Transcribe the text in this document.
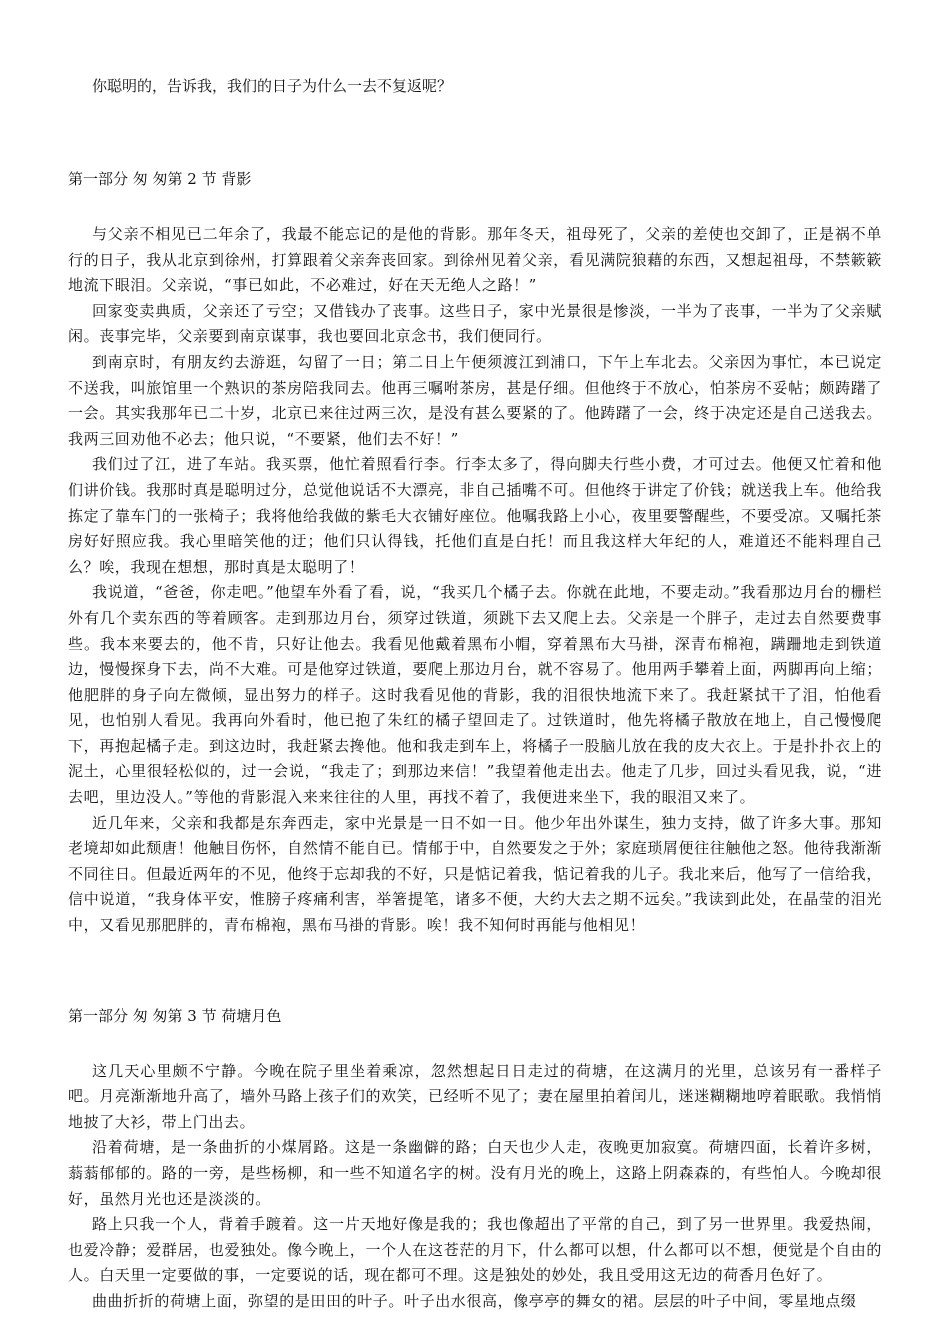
你聪明的，告诉我，我们的日子为什么一去不复返呢？

第一部分 匆 匆第 2 节 背影

与父亲不相见已二年余了，我最不能忘记的是他的背影。那年冬天，祖母死了，父亲的差使也交卸了，正是祸不单行的日子，我从北京到徐州，打算跟着父亲奔丧回家。到徐州见着父亲，看见满院狼藉的东西，又想起祖母，不禁簌簌地流下眼泪。父亲说，“事已如此，不必难过，好在天无绝人之路！”

回家变卖典质，父亲还了亏空；又借钱办了丧事。这些日子，家中光景很是惨淡，一半为了丧事，一半为了父亲赋闲。丧事完毕，父亲要到南京谋事，我也要回北京念书，我们便同行。

到南京时，有朋友约去游逛，勾留了一日；第二日上午便须渡江到浦口，下午上车北去。父亲因为事忙，本已说定不送我，叫旅馆里一个熟识的茶房陪我同去。他再三嘱咐茶房，甚是仔细。但他终于不放心，怕茶房不妥帖；颇踌躇了一会。其实我那年已二十岁，北京已来往过两三次，是没有甚么要紧的了。他踌躇了一会，终于决定还是自己送我去。我两三回劝他不必去；他只说，“不要紧，他们去不好！”

我们过了江，进了车站。我买票，他忙着照看行李。行李太多了，得向脚夫行些小费，才可过去。他便又忙着和他们讲价钱。我那时真是聪明过分，总觉他说话不大漂亮，非自己插嘴不可。但他终于讲定了价钱；就送我上车。他给我拣定了靠车门的一张椅子；我将他给我做的紫毛大衣铺好座位。他嘱我路上小心，夜里要警醒些，不要受凉。又嘱托茶房好好照应我。我心里暗笑他的迂；他们只认得钱，托他们直是白托！而且我这样大年纪的人，难道还不能料理自己么？唉，我现在想想，那时真是太聪明了！

我说道，“爸爸，你走吧。”他望车外看了看，说，“我买几个橘子去。你就在此地，不要走动。”我看那边月台的栅栏外有几个卖东西的等着顾客。走到那边月台，须穿过铁道，须跳下去又爬上去。父亲是一个胖子，走过去自然要费事些。我本来要去的，他不肯，只好让他去。我看见他戴着黑布小帽，穿着黑布大马褂，深青布棉袍，蹒跚地走到铁道边，慢慢探身下去，尚不大难。可是他穿过铁道，要爬上那边月台，就不容易了。他用两手攀着上面，两脚再向上缩；他肥胖的身子向左微倾，显出努力的样子。这时我看见他的背影，我的泪很快地流下来了。我赶紧拭干了泪，怕他看见，也怕别人看见。我再向外看时，他已抱了朱红的橘子望回走了。过铁道时，他先将橘子散放在地上，自己慢慢爬下，再抱起橘子走。到这边时，我赶紧去搀他。他和我走到车上，将橘子一股脑儿放在我的皮大衣上。于是扑扑衣上的泥土，心里很轻松似的，过一会说，“我走了；到那边来信！”我望着他走出去。他走了几步，回过头看见我，说，“进去吧，里边没人。”等他的背影混入来来往往的人里，再找不着了，我便进来坐下，我的眼泪又来了。

近几年来，父亲和我都是东奔西走，家中光景是一日不如一日。他少年出外谋生，独力支持，做了许多大事。那知老境却如此颓唐！他触目伤怀，自然情不能自已。情郁于中，自然要发之于外；家庭琐屑便往往触他之怒。他待我渐渐不同往日。但最近两年的不见，他终于忘却我的不好，只是惦记着我，惦记着我的儿子。我北来后，他写了一信给我，信中说道，“我身体平安，惟膀子疼痛利害，举箸提笔，诸多不便，大约大去之期不远矣。”我读到此处，在晶莹的泪光中，又看见那肥胖的，青布棉袍，黑布马褂的背影。唉！我不知何时再能与他相见！

第一部分 匆 匆第 3 节 荷塘月色

这几天心里颇不宁静。今晚在院子里坐着乘凉，忽然想起日日走过的荷塘，在这满月的光里，总该另有一番样子吧。月亮渐渐地升高了，墙外马路上孩子们的欢笑，已经听不见了；妻在屋里拍着闰儿，迷迷糊糊地哼着眠歌。我悄悄地披了大衫，带上门出去。

沿着荷塘，是一条曲折的小煤屑路。这是一条幽僻的路；白天也少人走，夜晚更加寂寞。荷塘四面，长着许多树，蓊蓊郁郁的。路的一旁，是些杨柳，和一些不知道名字的树。没有月光的晚上，这路上阴森森的，有些怕人。今晚却很好，虽然月光也还是淡淡的。

路上只我一个人，背着手踱着。这一片天地好像是我的；我也像超出了平常的自己，到了另一世界里。我爱热闹，也爱冷静；爱群居，也爱独处。像今晚上，一个人在这苍茫的月下，什么都可以想，什么都可以不想，便觉是个自由的人。白天里一定要做的事，一定要说的话，现在都可不理。这是独处的妙处，我且受用这无边的荷香月色好了。

曲曲折折的荷塘上面，弥望的是田田的叶子。叶子出水很高，像亭亭的舞女的裙。层层的叶子中间，零星地点缀
